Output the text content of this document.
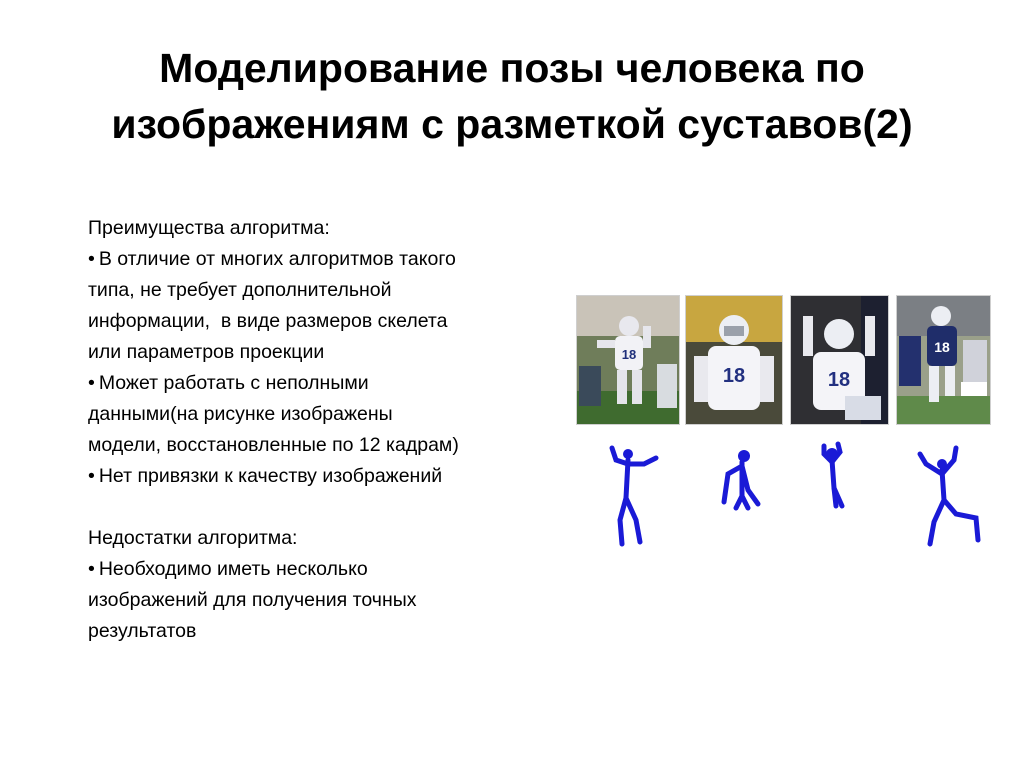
Моделирование позы человека по
изображениям с разметкой суставов(2)

Преимущества алгоритма:

• В отличие от многих алгоритмов такого

типа, не требует дополнительной

информации,  в виде размеров скелета

или параметров проекции

• Может работать с неполными

данными(на рисунке изображены

модели, восстановленные по 12 кадрам)

• Нет привязки к качеству изображений

Недостатки алгоритма:

• Необходимо иметь несколько

изображений для получения точных

результатов

18
18	18
18
